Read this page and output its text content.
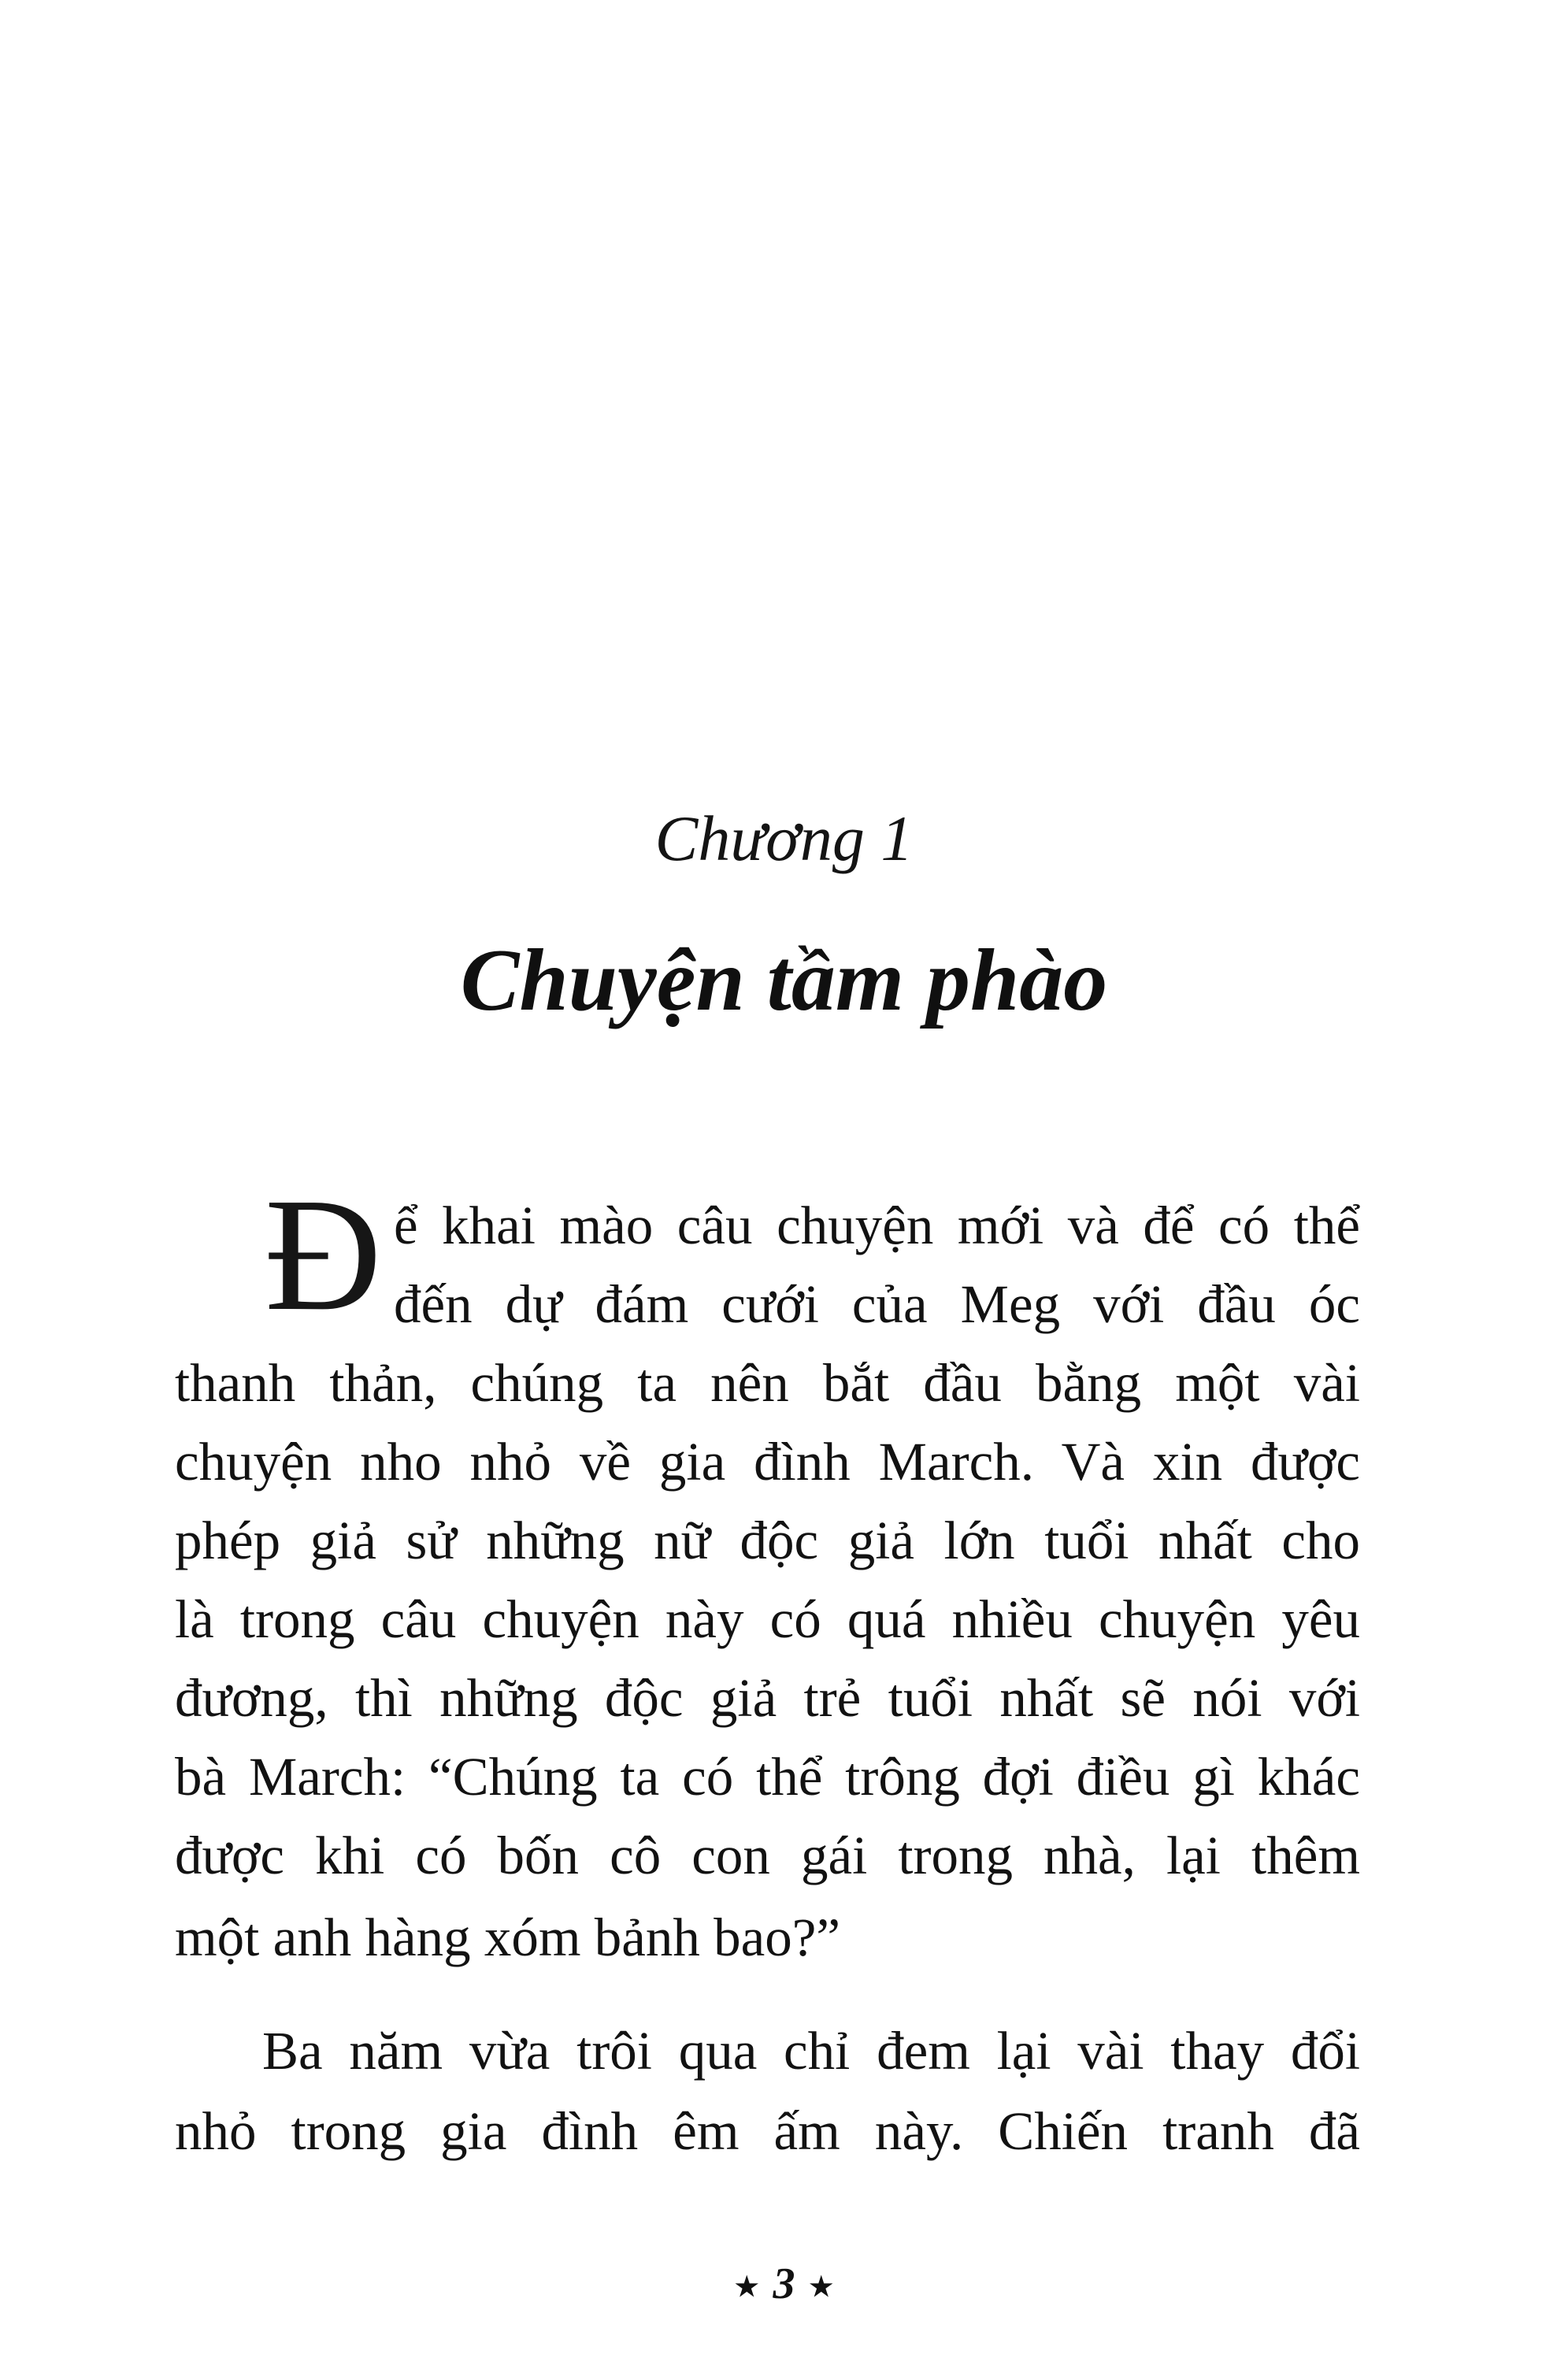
Chương 1
Chuyện tầm phào
Đ ể khai mào câu chuyện mới và để có thể
đến dự đám cưới của Meg với đầu óc
thanh thản, chúng ta nên bắt đầu bằng một vài
chuyện nho nhỏ về gia đình March. Và xin được
phép giả sử những nữ độc giả lớn tuổi nhất cho
là trong câu chuyện này có quá nhiều chuyện yêu
đương, thì những độc giả trẻ tuổi nhất sẽ nói với
bà March: “Chúng ta có thể trông đợi điều gì khác
được khi có bốn cô con gái trong nhà, lại thêm
một anh hàng xóm bảnh bao?”
Ba năm vừa trôi qua chỉ đem lại vài thay đổi
nhỏ trong gia đình êm ấm này. Chiến tranh đã
★ 3 ★
